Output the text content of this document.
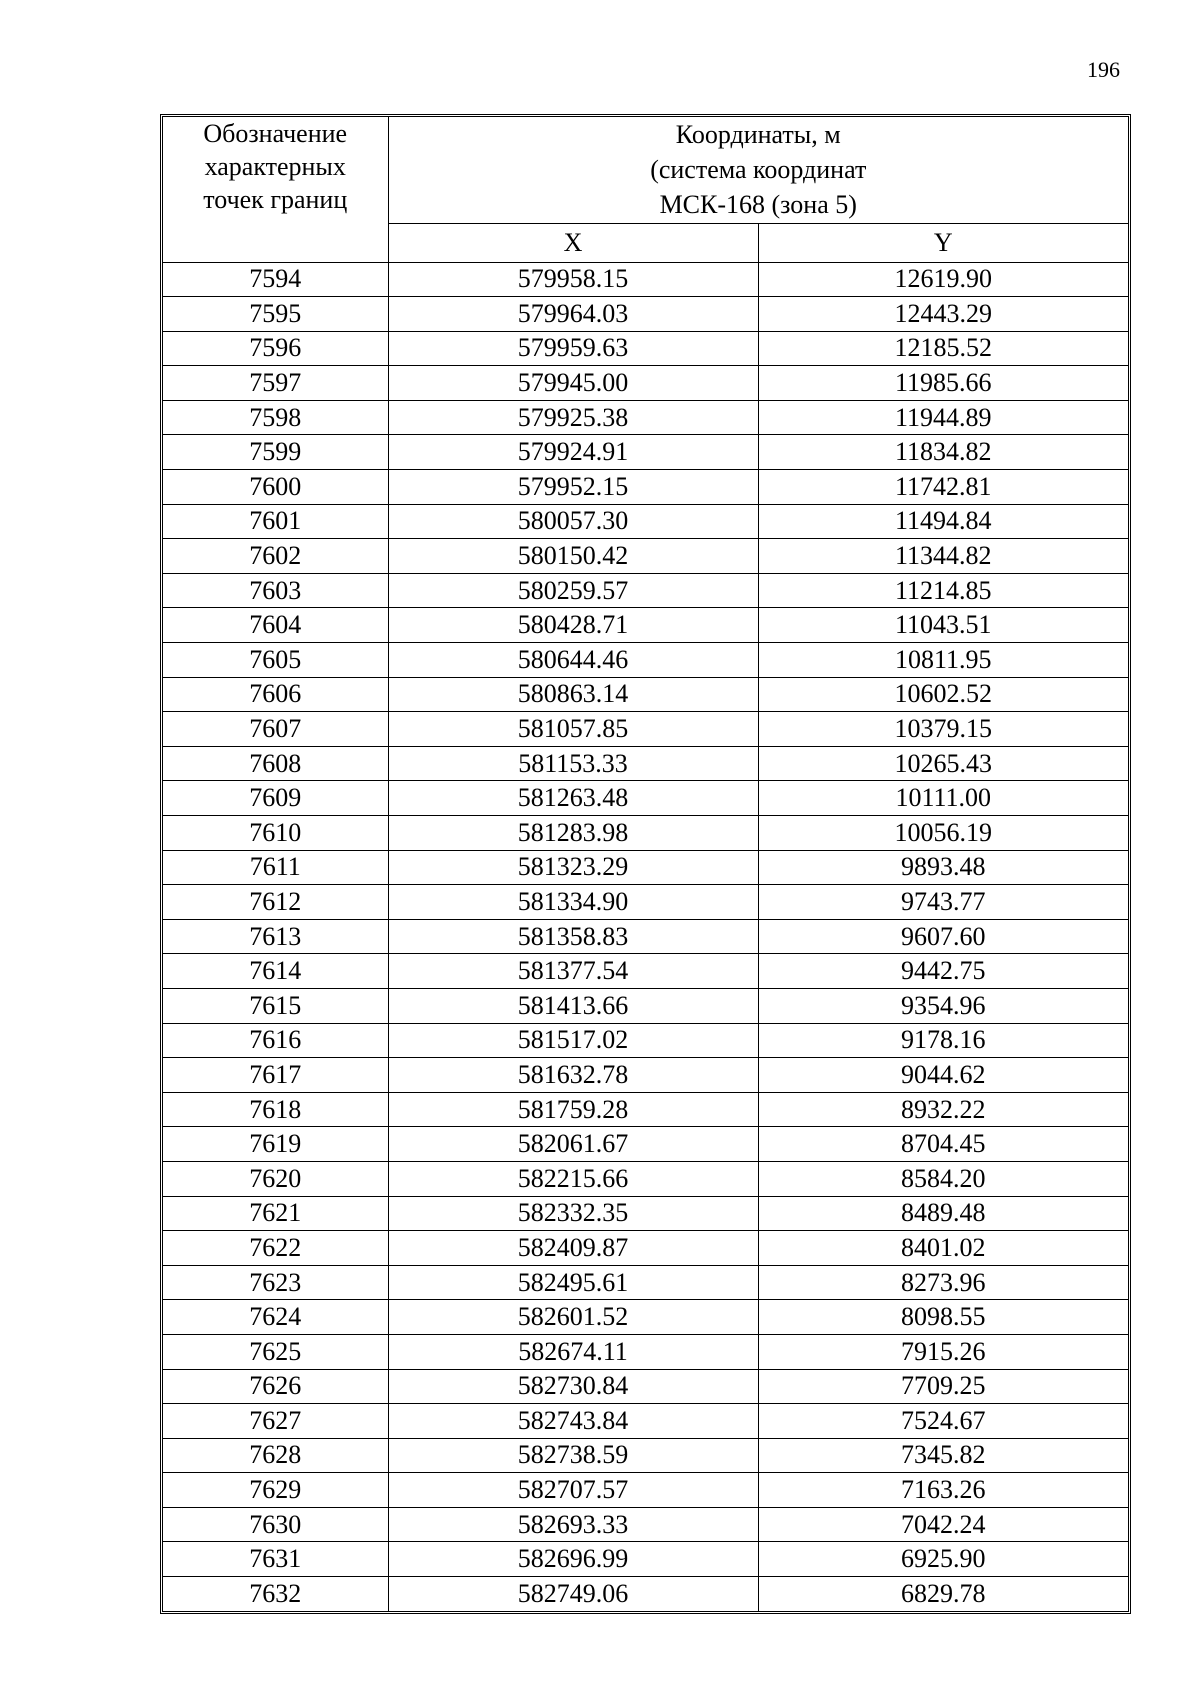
196
Обозначение
характерных
точек границ	Координаты, м
(система координат
МСК-168 (зона 5)	

	X	Y
7594	579958.15	12619.90
7595	579964.03	12443.29
7596	579959.63	12185.52
7597	579945.00	11985.66
7598	579925.38	11944.89
7599	579924.91	11834.82
7600	579952.15	11742.81
7601	580057.30	11494.84
7602	580150.42	11344.82
7603	580259.57	11214.85
7604	580428.71	11043.51
7605	580644.46	10811.95
7606	580863.14	10602.52
7607	581057.85	10379.15
7608	581153.33	10265.43
7609	581263.48	10111.00
7610	581283.98	10056.19
7611	581323.29	9893.48
7612	581334.90	9743.77
7613	581358.83	9607.60
7614	581377.54	9442.75
7615	581413.66	9354.96
7616	581517.02	9178.16
7617	581632.78	9044.62
7618	581759.28	8932.22
7619	582061.67	8704.45
7620	582215.66	8584.20
7621	582332.35	8489.48
7622	582409.87	8401.02
7623	582495.61	8273.96
7624	582601.52	8098.55
7625	582674.11	7915.26
7626	582730.84	7709.25
7627	582743.84	7524.67
7628	582738.59	7345.82
7629	582707.57	7163.26
7630	582693.33	7042.24
7631	582696.99	6925.90
7632	582749.06	6829.78
